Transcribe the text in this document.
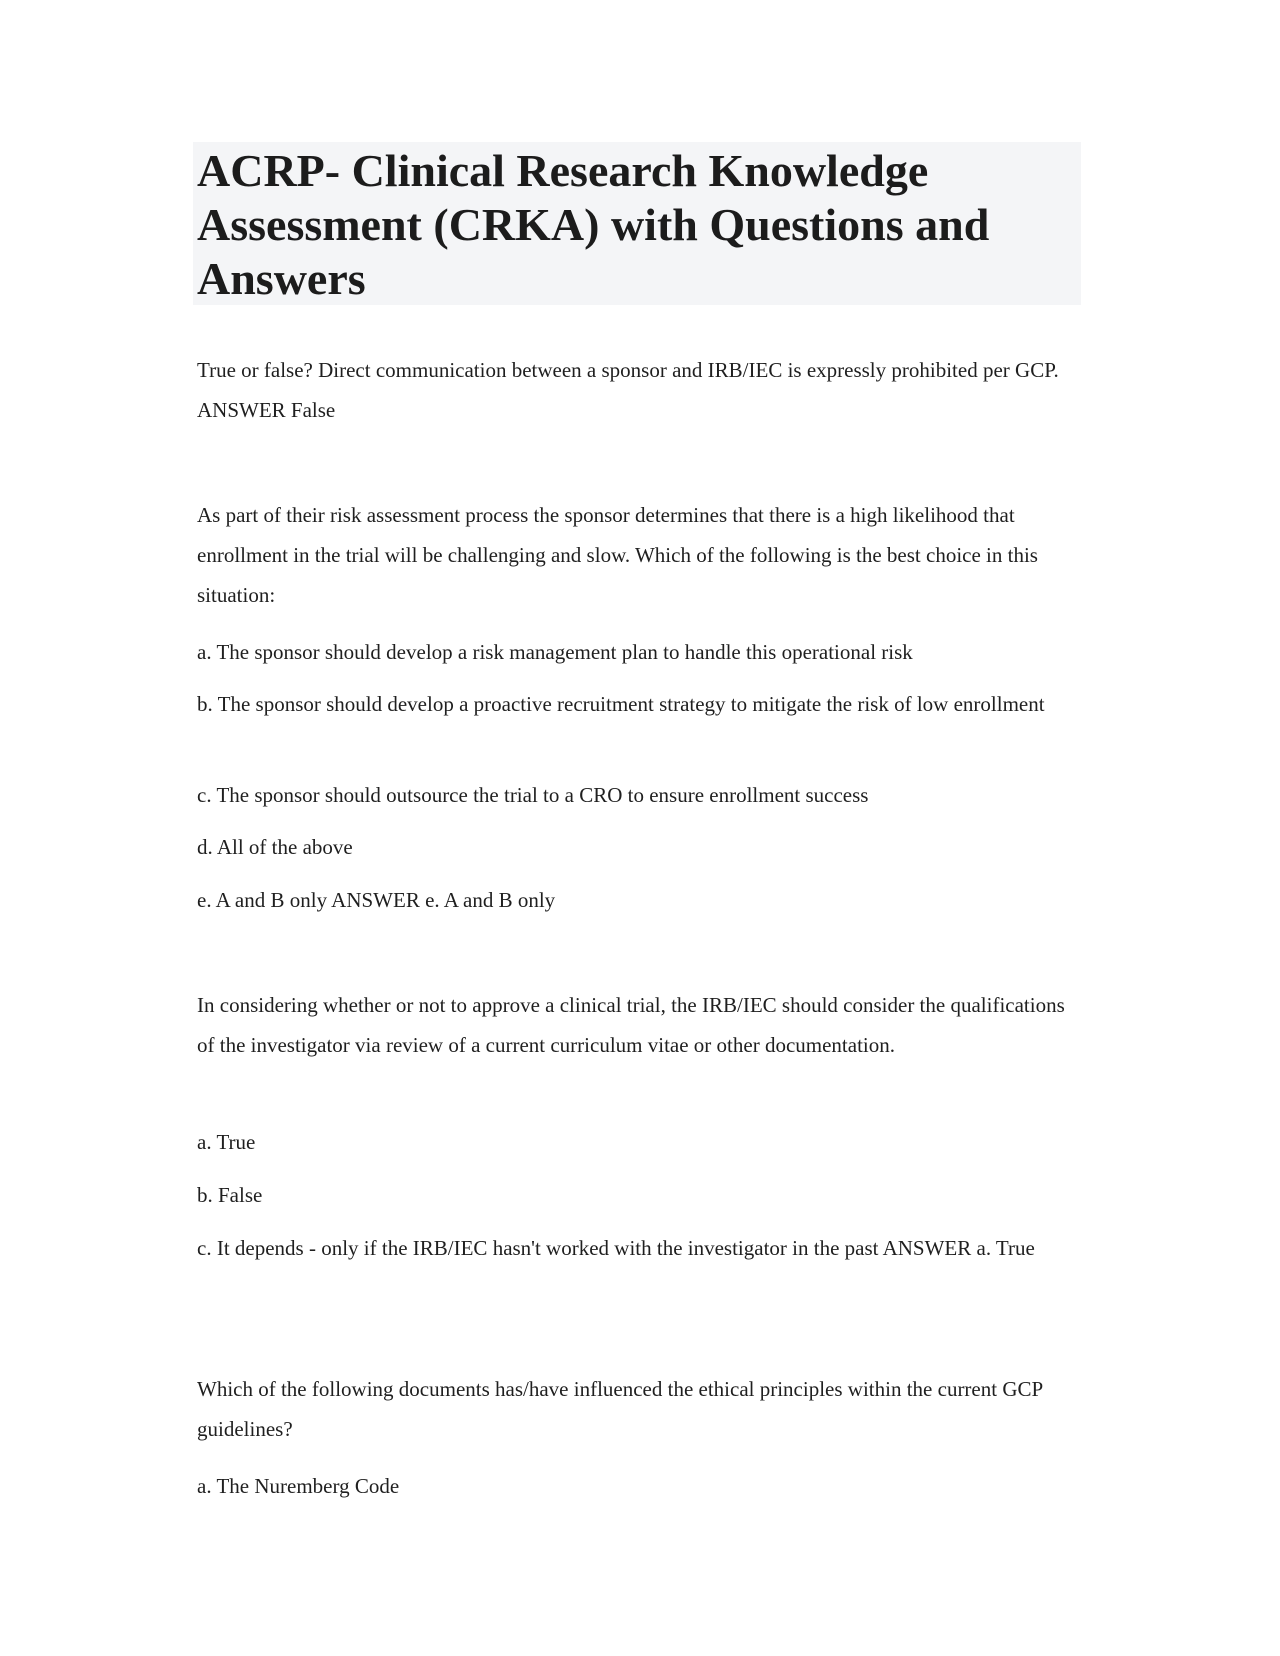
ACRP- Clinical Research Knowledge Assessment (CRKA) with Questions and Answers

True or false? Direct communication between a sponsor and IRB/IEC is expressly prohibited per GCP. ANSWER False

As part of their risk assessment process the sponsor determines that there is a high likelihood that enrollment in the trial will be challenging and slow. Which of the following is the best choice in this situation:

a. The sponsor should develop a risk management plan to handle this operational risk

b. The sponsor should develop a proactive recruitment strategy to mitigate the risk of low enrollment

c. The sponsor should outsource the trial to a CRO to ensure enrollment success

d. All of the above

e. A and B only ANSWER e. A and B only

In considering whether or not to approve a clinical trial, the IRB/IEC should consider the qualifications of the investigator via review of a current curriculum vitae or other documentation.

a. True

b. False

c. It depends - only if the IRB/IEC hasn't worked with the investigator in the past ANSWER a. True

Which of the following documents has/have influenced the ethical principles within the current GCP guidelines?

a. The Nuremberg Code
